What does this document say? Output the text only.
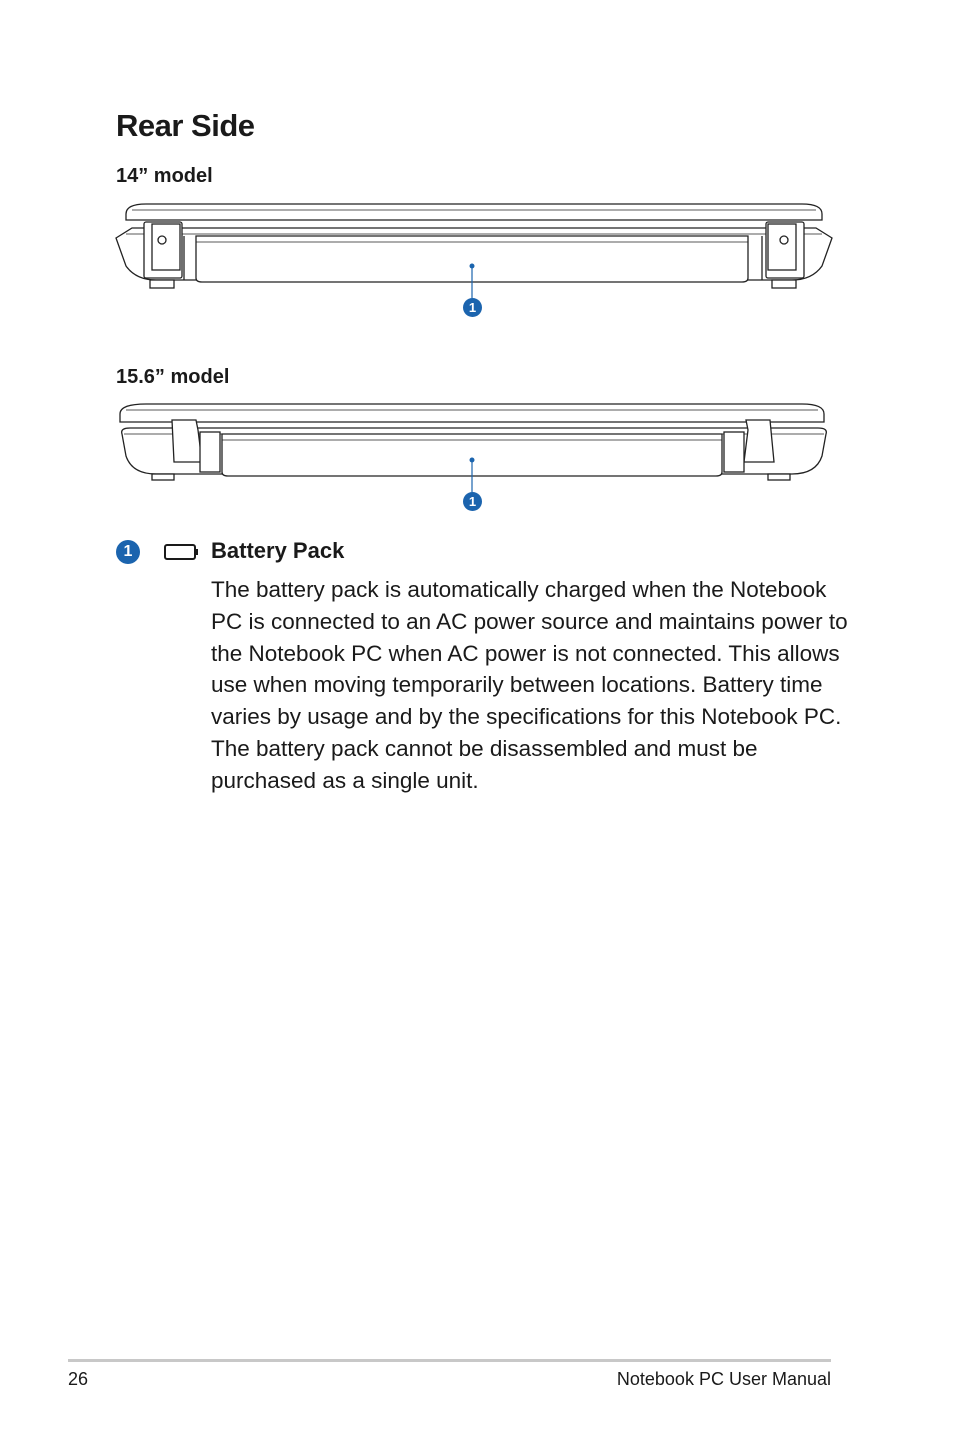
Rear Side
14” model
1
15.6” model
1
1	Battery Pack

The battery pack is automatically charged when the Notebook PC is connected to an AC power source and maintains power to the Notebook PC when AC power is not connected. This allows use when moving temporarily between locations. Battery time varies by usage and by the specifications for this Notebook PC. The battery pack cannot be disassembled and must be purchased as a single unit.

26	Notebook PC User Manual
